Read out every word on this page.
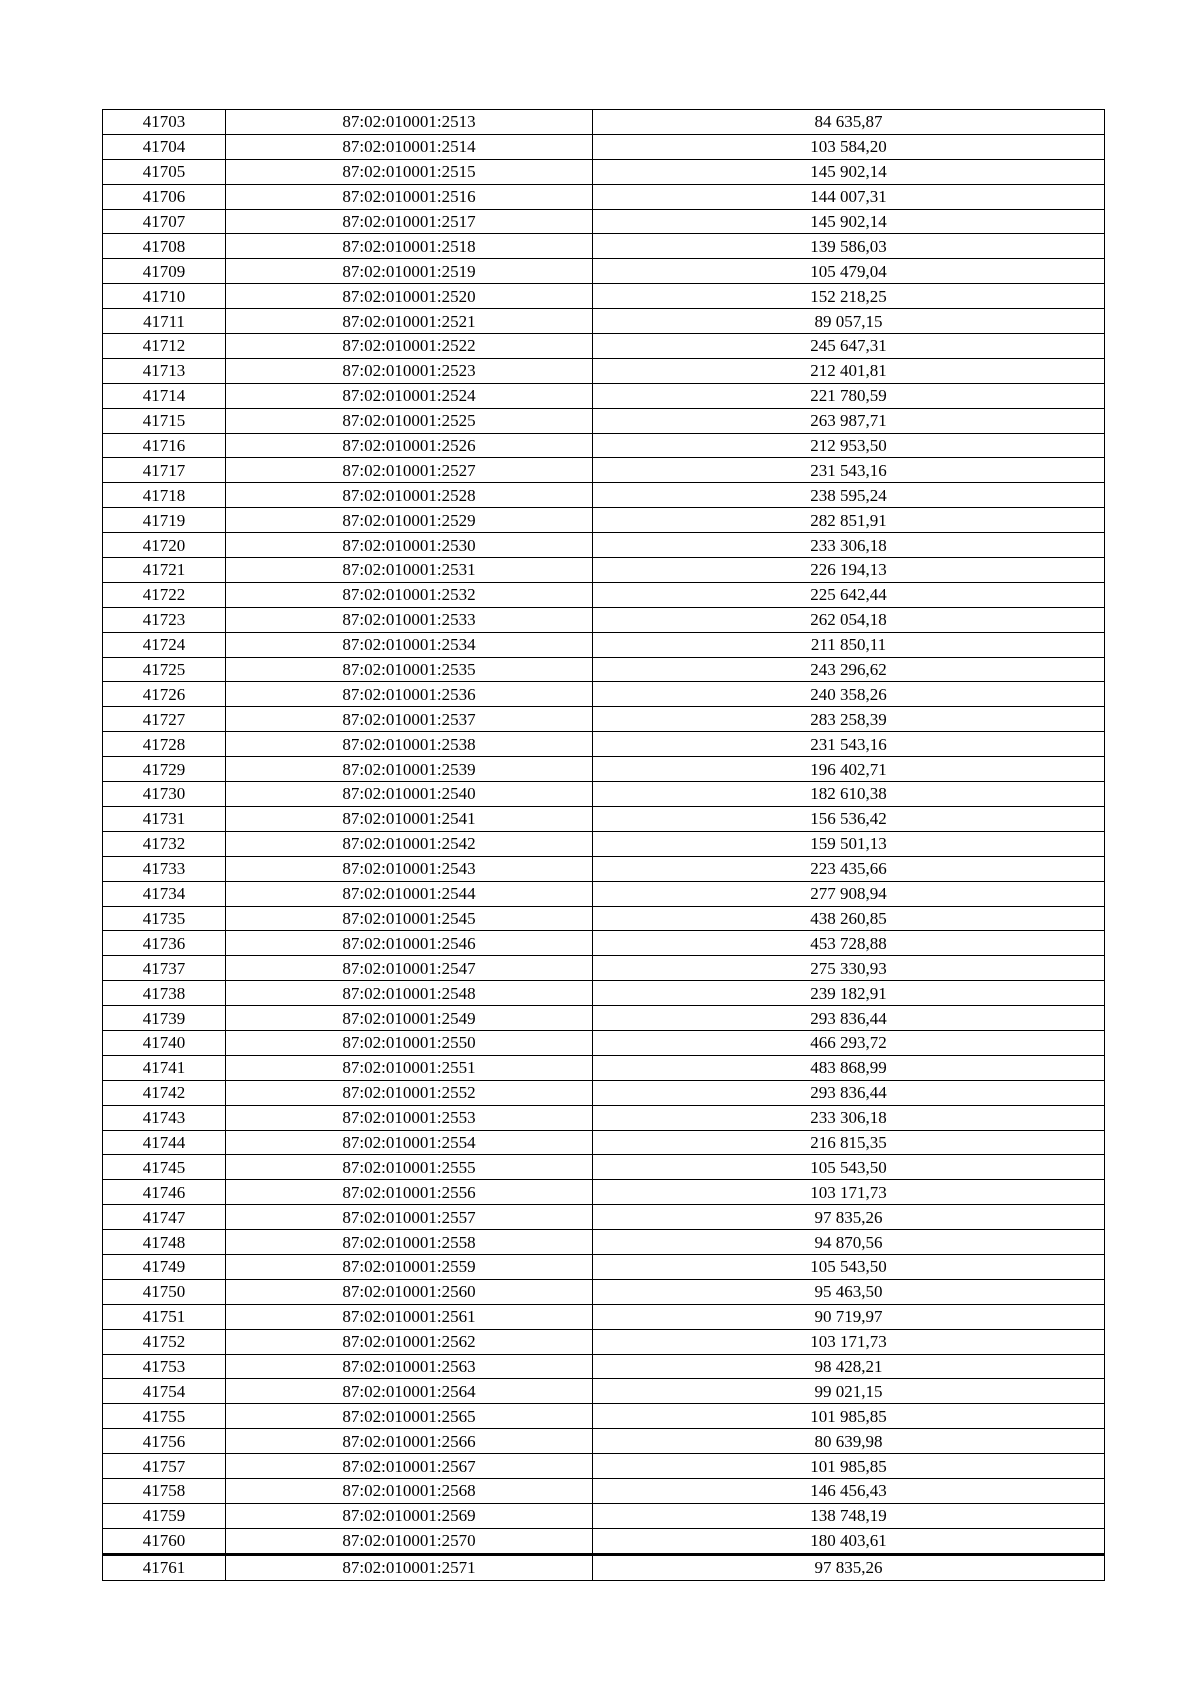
41703	87:02:010001:2513	84 635,87
41704	87:02:010001:2514	103 584,20
41705	87:02:010001:2515	145 902,14
41706	87:02:010001:2516	144 007,31
41707	87:02:010001:2517	145 902,14
41708	87:02:010001:2518	139 586,03
41709	87:02:010001:2519	105 479,04
41710	87:02:010001:2520	152 218,25
41711	87:02:010001:2521	89 057,15
41712	87:02:010001:2522	245 647,31
41713	87:02:010001:2523	212 401,81
41714	87:02:010001:2524	221 780,59
41715	87:02:010001:2525	263 987,71
41716	87:02:010001:2526	212 953,50
41717	87:02:010001:2527	231 543,16
41718	87:02:010001:2528	238 595,24
41719	87:02:010001:2529	282 851,91
41720	87:02:010001:2530	233 306,18
41721	87:02:010001:2531	226 194,13
41722	87:02:010001:2532	225 642,44
41723	87:02:010001:2533	262 054,18
41724	87:02:010001:2534	211 850,11
41725	87:02:010001:2535	243 296,62
41726	87:02:010001:2536	240 358,26
41727	87:02:010001:2537	283 258,39
41728	87:02:010001:2538	231 543,16
41729	87:02:010001:2539	196 402,71
41730	87:02:010001:2540	182 610,38
41731	87:02:010001:2541	156 536,42
41732	87:02:010001:2542	159 501,13
41733	87:02:010001:2543	223 435,66
41734	87:02:010001:2544	277 908,94
41735	87:02:010001:2545	438 260,85
41736	87:02:010001:2546	453 728,88
41737	87:02:010001:2547	275 330,93
41738	87:02:010001:2548	239 182,91
41739	87:02:010001:2549	293 836,44
41740	87:02:010001:2550	466 293,72
41741	87:02:010001:2551	483 868,99
41742	87:02:010001:2552	293 836,44
41743	87:02:010001:2553	233 306,18
41744	87:02:010001:2554	216 815,35
41745	87:02:010001:2555	105 543,50
41746	87:02:010001:2556	103 171,73
41747	87:02:010001:2557	97 835,26
41748	87:02:010001:2558	94 870,56
41749	87:02:010001:2559	105 543,50
41750	87:02:010001:2560	95 463,50
41751	87:02:010001:2561	90 719,97
41752	87:02:010001:2562	103 171,73
41753	87:02:010001:2563	98 428,21
41754	87:02:010001:2564	99 021,15
41755	87:02:010001:2565	101 985,85
41756	87:02:010001:2566	80 639,98
41757	87:02:010001:2567	101 985,85
41758	87:02:010001:2568	146 456,43
41759	87:02:010001:2569	138 748,19
41760	87:02:010001:2570	180 403,61
41761	87:02:010001:2571	97 835,26
